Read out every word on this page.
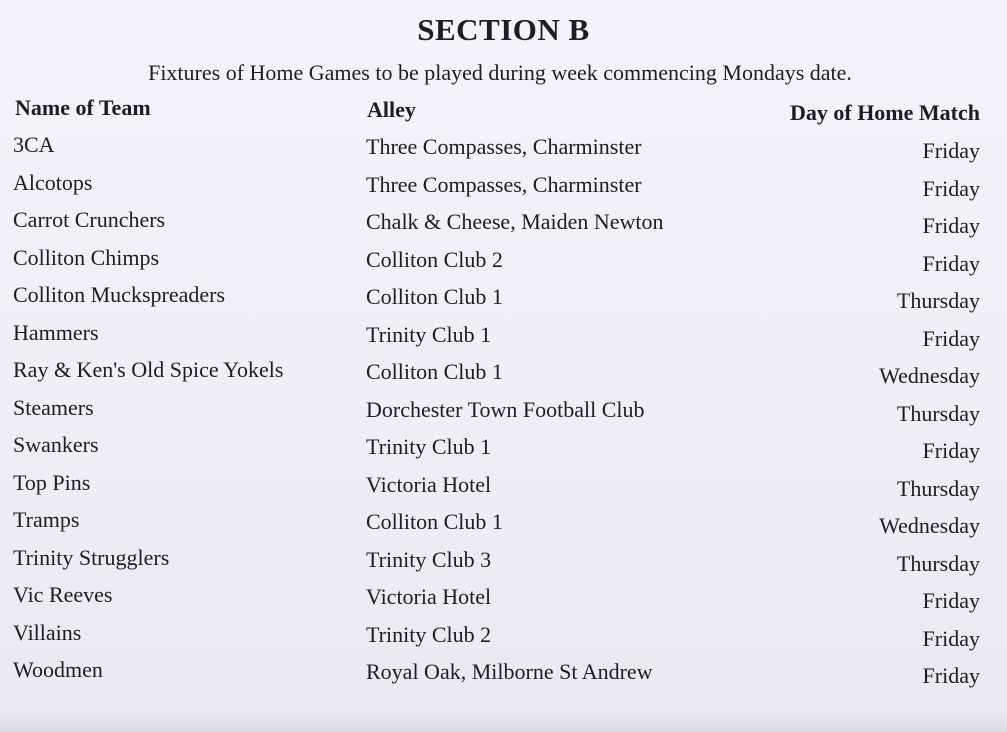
SECTION B
Fixtures of Home Games to be played during week commencing Mondays date.
Name of Team	Alley	Day of Home Match
3CA	Three Compasses, Charminster	Friday
Alcotops	Three Compasses, Charminster	Friday
Carrot Crunchers	Chalk & Cheese, Maiden Newton	Friday
Colliton Chimps	Colliton Club 2	Friday
Colliton Muckspreaders	Colliton Club 1	Thursday
Hammers	Trinity Club 1	Friday
Ray & Ken's Old Spice Yokels	Colliton Club 1	Wednesday
Steamers	Dorchester Town Football Club	Thursday
Swankers	Trinity Club 1	Friday
Top Pins	Victoria Hotel	Thursday
Tramps	Colliton Club 1	Wednesday
Trinity Strugglers	Trinity Club 3	Thursday
Vic Reeves	Victoria Hotel	Friday
Villains	Trinity Club 2	Friday
Woodmen	Royal Oak, Milborne St Andrew	Friday
